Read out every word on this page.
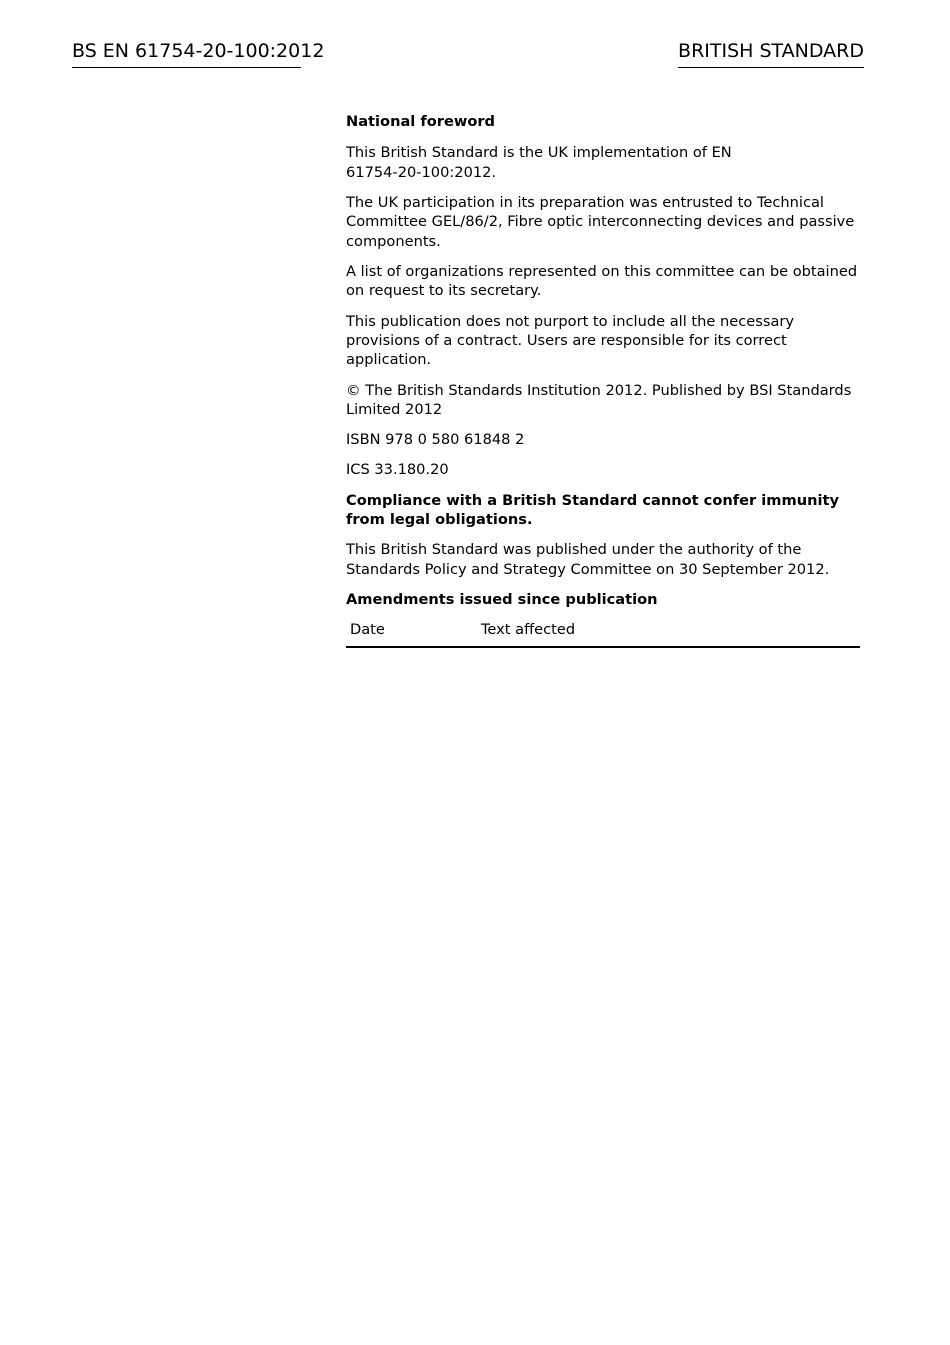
BS EN 61754-20-100:2012	BRITISH STANDARD

National foreword

This British Standard is the UK implementation of EN 61754-20-100:2012.

The UK participation in its preparation was entrusted to Technical Committee GEL/86/2, Fibre optic interconnecting devices and passive components.

A list of organizations represented on this committee can be obtained on request to its secretary.

This publication does not purport to include all the necessary provisions of a contract. Users are responsible for its correct application.

© The British Standards Institution 2012. Published by BSI Standards Limited 2012

ISBN 978 0 580 61848 2

ICS 33.180.20

Compliance with a British Standard cannot confer immunity from legal obligations.

This British Standard was published under the authority of the Standards Policy and Strategy Committee on 30 September 2012.

Amendments issued since publication

Date	Text affected
